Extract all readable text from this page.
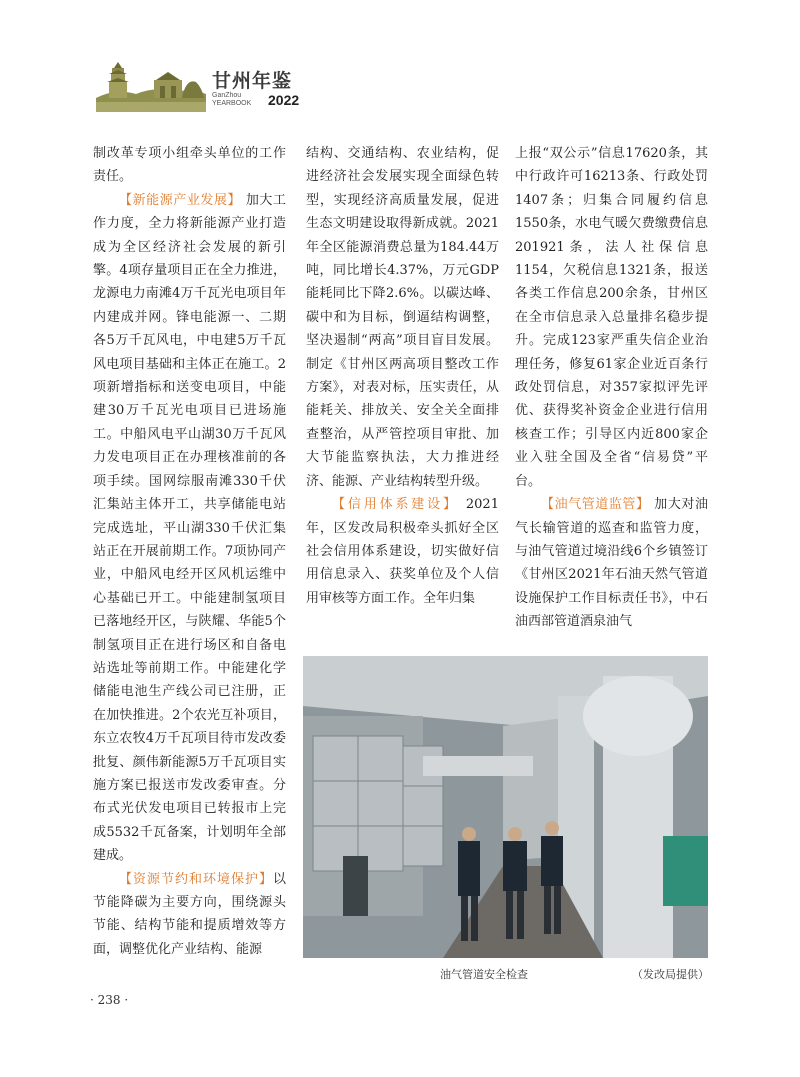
甘州年鉴
GanZhou
YEARBOOK 2022

制改革专项小组牵头单位的工作责任。

【新能源产业发展】 加大工作力度，全力将新能源产业打造成为全区经济社会发展的新引擎。4项存量项目正在全力推进，龙源电力南滩4万千瓦光电项目年内建成并网。锋电能源一、二期各5万千瓦风电，中电建5万千瓦风电项目基础和主体正在施工。2项新增指标和送变电项目，中能建30万千瓦光电项目已进场施工。中船风电平山湖30万千瓦风力发电项目正在办理核准前的各项手续。国网综服南滩330千伏汇集站主体开工，共享储能电站完成选址，平山湖330千伏汇集站正在开展前期工作。7项协同产业，中船风电经开区风机运维中心基础已开工。中能建制氢项目已落地经开区，与陕耀、华能5个制氢项目正在进行场区和自备电站选址等前期工作。中能建化学储能电池生产线公司已注册，正在加快推进。2个农光互补项目，东立农牧4万千瓦项目待市发改委批复、颜伟新能源5万千瓦项目实施方案已报送市发改委审查。分布式光伏发电项目已转报市上完成5532千瓦备案，计划明年全部建成。

【资源节约和环境保护】以节能降碳为主要方向，围绕源头节能、结构节能和提质增效等方面，调整优化产业结构、能源

结构、交通结构、农业结构，促进经济社会发展实现全面绿色转型，实现经济高质量发展，促进生态文明建设取得新成就。2021年全区能源消费总量为184.44万吨，同比增长4.37%，万元GDP能耗同比下降2.6%。以碳达峰、碳中和为目标，倒逼结构调整，坚决遏制“两高”项目盲目发展。制定《甘州区两高项目整改工作方案》，对表对标，压实责任，从能耗关、排放关、安全关全面排查整治，从严管控项目审批、加大节能监察执法，大力推进经济、能源、产业结构转型升级。

【信用体系建设】 2021年，区发改局积极牵头抓好全区社会信用体系建设，切实做好信用信息录入、获奖单位及个人信用审核等方面工作。全年归集

上报“双公示”信息17620条，其中行政许可16213条、行政处罚1407条；归集合同履约信息1550条，水电气暖欠费缴费信息201921条，法人社保信息1154，欠税信息1321条，报送各类工作信息200余条，甘州区在全市信息录入总量排名稳步提升。完成123家严重失信企业治理任务，修复61家企业近百条行政处罚信息，对357家拟评先评优、获得奖补资金企业进行信用核查工作；引导区内近800家企业入驻全国及全省“信易贷”平台。

【油气管道监管】 加大对油气长输管道的巡查和监管力度，与油气管道过境沿线6个乡镇签订《甘州区2021年石油天然气管道设施保护工作目标责任书》，中石油西部管道酒泉油气

油气管道安全检查	（发改局提供）
· 238 ·
